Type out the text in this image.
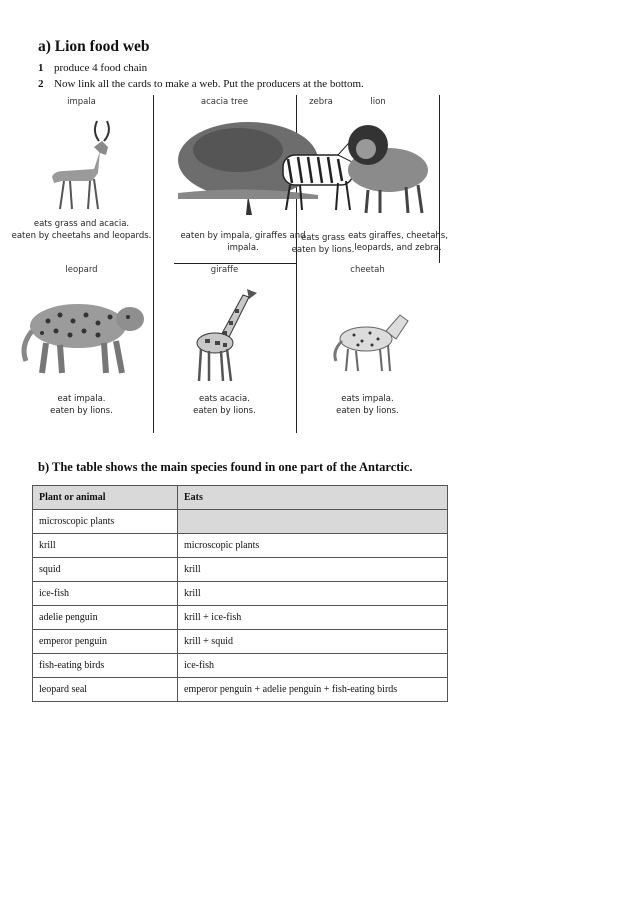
a) Lion food web
1 produce 4 food chain
2 Now link all the cards to make a web. Put the producers at the bottom.
impala
eats grass and acacia.
eaten by cheetahs and leopards.
acacia tree	zebra	lion
eaten by impala, giraffes and
impala.
eats grass
eaten by lions.
eats giraffes, cheetahs,
leopards, and zebra.
leopard
eat impala.
eaten by lions.
giraffe
eats acacia.
eaten by lions.
cheetah
eats impala.
eaten by lions.
b) The table shows the main species found in one part of the Antarctic.
Plant or animal	Eats
microscopic plants	
krill	microscopic plants
squid	krill
ice-fish	krill
adelie penguin	krill + ice-fish
emperor penguin	krill + squid
fish-eating birds	ice-fish
leopard seal	emperor penguin + adelie penguin + fish-eating birds
